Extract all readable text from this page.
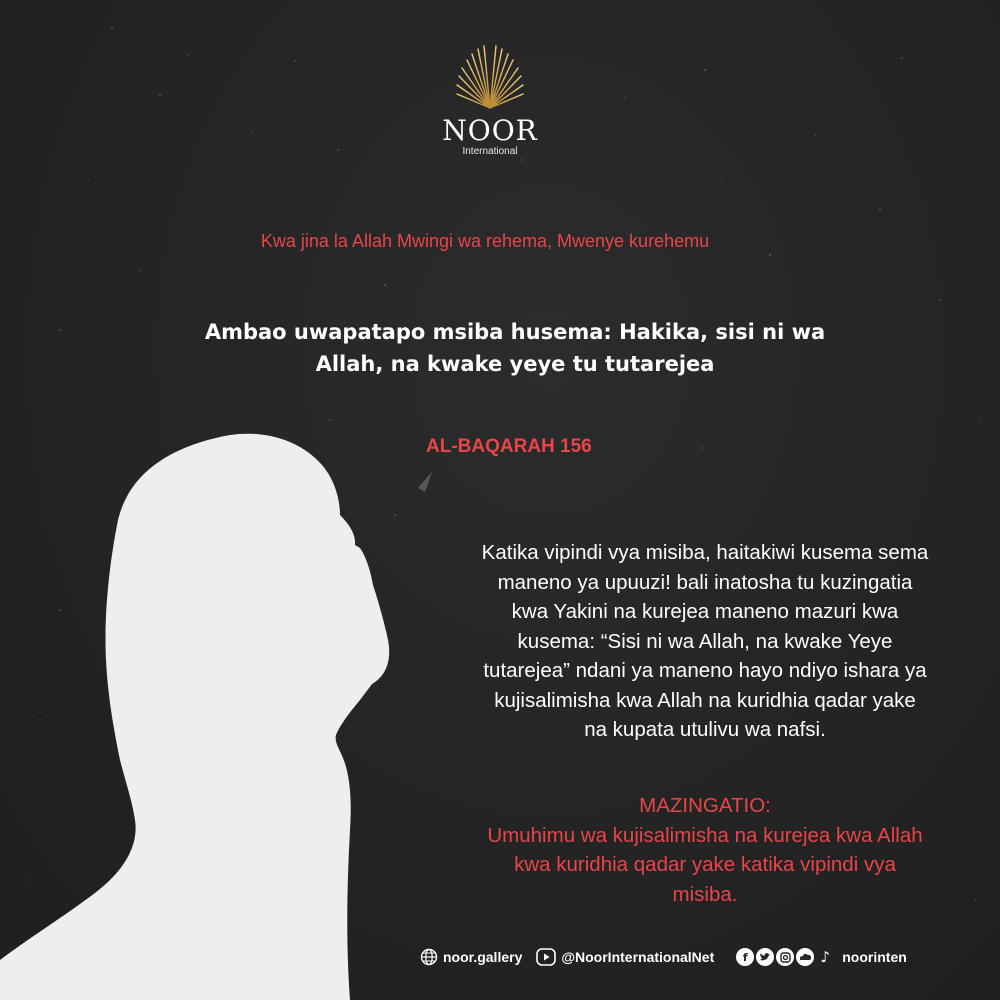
NOOR
International
Kwa jina la Allah Mwingi wa rehema, Mwenye kurehemu
Ambao uwapatapo msiba husema: Hakika, sisi ni wa
Allah, na kwake yeye tu tutarejea
AL-BAQARAH 156
Katika vipindi vya misiba, haitakiwi kusema sema
maneno ya upuuzi! bali inatosha tu kuzingatia
kwa Yakini na kurejea maneno mazuri kwa
kusema: “Sisi ni wa Allah, na kwake Yeye
tutarejea” ndani ya maneno hayo ndiyo ishara ya
kujisalimisha kwa Allah na kuridhia qadar yake
na kupata utulivu wa nafsi.
MAZINGATIO:
Umuhimu wa kujisalimisha na kurejea kwa Allah
kwa kuridhia qadar yake katika vipindi vya
misiba.
noor.gallery	@NoorInternationalNet	f	♪ noorinten
